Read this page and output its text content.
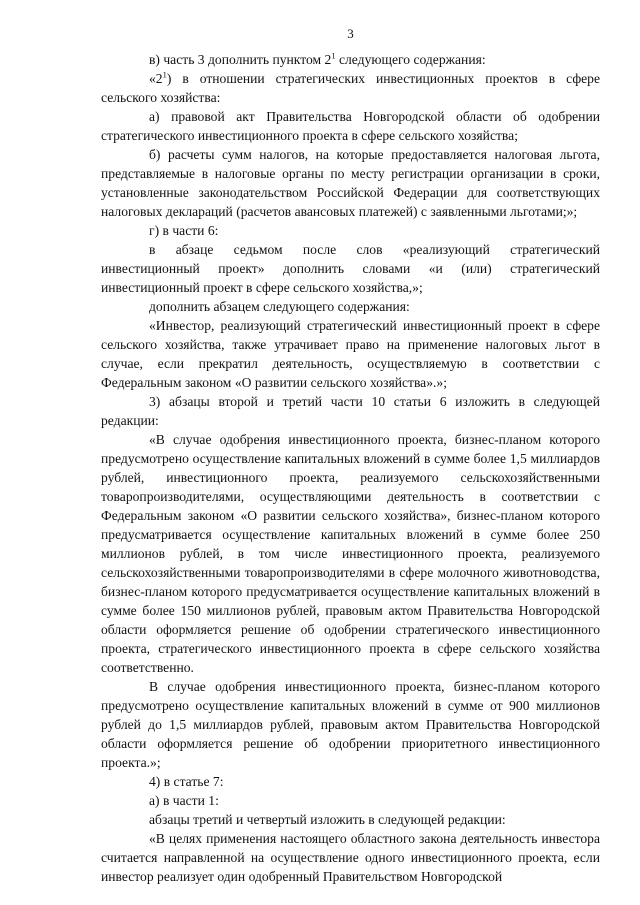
3

в) часть 3 дополнить пунктом $2^1$ следующего содержания:

«$2^1$) в отношении стратегических инвестиционных проектов в сфере сельского хозяйства:

а) правовой акт Правительства Новгородской области об одобрении стратегического инвестиционного проекта в сфере сельского хозяйства;

б) расчеты сумм налогов, на которые предоставляется налоговая льгота, представляемые в налоговые органы по месту регистрации организации в сроки, установленные законодательством Российской Федерации для соответствующих налоговых деклараций (расчетов авансовых платежей) с заявленными льготами;»;

г) в части 6:

в абзаце седьмом после слов «реализующий стратегический инвестиционный проект» дополнить словами «и (или) стратегический инвестиционный проект в сфере сельского хозяйства,»;

дополнить абзацем следующего содержания:

«Инвестор, реализующий стратегический инвестиционный проект в сфере сельского хозяйства, также утрачивает право на применение налоговых льгот в случае, если прекратил деятельность, осуществляемую в соответствии с Федеральным законом «О развитии сельского хозяйства».»;

3) абзацы второй и третий части 10 статьи 6 изложить в следующей редакции:

«В случае одобрения инвестиционного проекта, бизнес-планом которого предусмотрено осуществление капитальных вложений в сумме более 1,5 миллиардов рублей, инвестиционного проекта, реализуемого сельскохозяйственными товаропроизводителями, осуществляющими деятельность в соответствии с Федеральным законом «О развитии сельского хозяйства», бизнес-планом которого предусматривается осуществление капитальных вложений в сумме более 250 миллионов рублей, в том числе инвестиционного проекта, реализуемого сельскохозяйственными товаропроизводителями в сфере молочного животноводства, бизнес-планом которого предусматривается осуществление капитальных вложений в сумме более 150 миллионов рублей, правовым актом Правительства Новгородской области оформляется решение об одобрении стратегического инвестиционного проекта, стратегического инвестиционного проекта в сфере сельского хозяйства соответственно.

В случае одобрения инвестиционного проекта, бизнес-планом которого предусмотрено осуществление капитальных вложений в сумме от 900 миллионов рублей до 1,5 миллиардов рублей, правовым актом Правительства Новгородской области оформляется решение об одобрении приоритетного инвестиционного проекта.»;

4) в статье 7:

а) в части 1:

абзацы третий и четвертый изложить в следующей редакции:

«В целях применения настоящего областного закона деятельность инвестора считается направленной на осуществление одного инвестиционного проекта, если инвестор реализует один одобренный Правительством Новгородской
